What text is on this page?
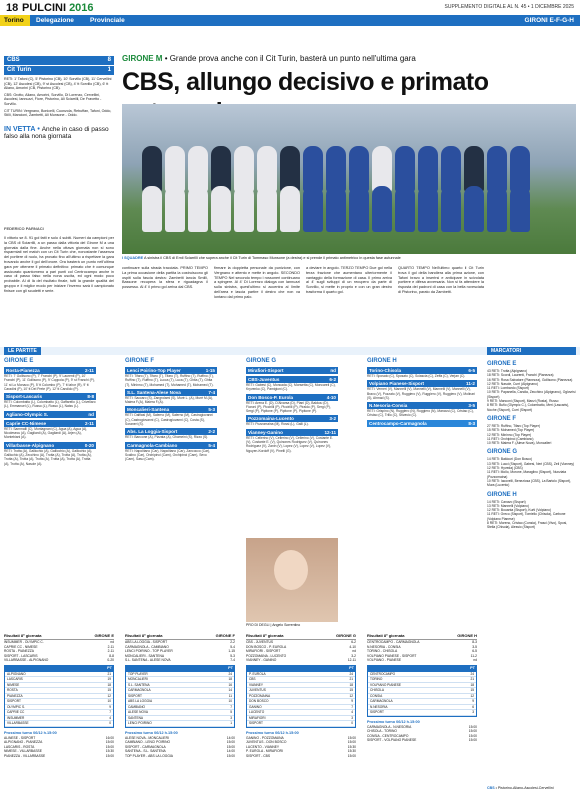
18 PULCINI 2016	SUPPLEMENTO DIGITALE AL N. 45 • 1 DICEMBRE 2025
Torino	Delegazione	Provinciale	GIRONI E-F-G-H
CBS	8
Cit Turin	1

RETI: 1' Tafoni (C), 5' Pistorino (CB), 10' Sorvillo (CB), 11' Cervellini (CB), 12' Ascolesi (CB), 9' st Ascolesi (CB), 4' tt Sorvillo (CB), 6' tt Aliano, Amorini (CB, Pistorino (CB).

CBS: Grotto, Aliano, Amorini, Sorvillo, Di Lorenzo, Cervellini, Ascolesi, Iannuzzi, Fiore, Pistorino, Ali Sciarrilli, De Fravetto - Sorvillo.

CIT TURIN: Vergnano, Bonicelli, Cuonzola, Rebuffan, Tafoni, Oddo, Stilli, Mancioni, Zambetti, Ali Munsone - Oddo.

IN VETTA • Anche in caso di passo falso alla nona giornata

GIRONE M • Grande prova anche con il Cit Turin, basterà un punto nell'ultima gara
CBS, allungo decisivo e primato

I SQUADRE A sinistra il CBS di Emil Sciarrilli che supera anche il Cit Turin di Tommaso Munsone (a destra) e si prende il primato antimetrico in questa fase autunnale

FEDERICO PARNACI

Il vittorio se 8. 91 gol fatti e solo 4 subiti. Numeri da campioni per la CBS di Sciarrilli, a un passo dalla vittoria del Girone M a una giornata dalla fine. Anche nella ottava giornata non si sono risparmiati nel match con un Cit Turin che, nonostante l'assenza del portiere di ruolo, ha provato fino all'ultimo a rispettare la gara trovando anche il gol dell'onore. Ora basterà un punto nell'ultima gara per ottenere il primato definitivo: primato che è comunque assicurato quantomeno a pari punti col Centrocampo anche in caso di passo falso nella nona uscita, ed ogni modo poco probabile. Al di là del risultato finale, tutti la grande qualità del gruppo e il miglior modo per iniziare l'inverno sarà il campionato finisce con gli scudetti e serie.

continuare sulla strada tracciata. PRIMO TEMPO La prima occasione della partita la costruiscono gli ospiti sulla fascia destra: Zambetti lancia Smilli, Bassone recupera la sfera e riguadagna il possesso. Al 4' il primo gol arriva dal CBS.

firmare la doppietta personale da punizione, con Vergnano e attento e mette in angolo. SECONDO TEMPO Nel secondo tempo i rossoneri continuano a spingere. Al 4' Di Lorenzo dialoga con Iannuzzi sulla sinistra, quest'ultimo si accentra al limite dell'area e lascia partire il destro che non va lontano dal primo palo.

a deviare in angolo. TERZO TEMPO Due gol nella terza frazione che aumentano ulteriormente il vantaggio della formazione di casa. Il primo arriva al 4' sugli sviluppi di un recupero da parte di Sorvillo, si mette in proprio e con un gran destro trasforma il quarto gol.

QUARTO TEMPO Nell'ultimo quarto il Cit Turin trova il gol della bandiera alla prima azione, con Tafoni bravo a inserirsi e anticipare in scivolata portiere e difesa avversaria. Non si fa attendere la risposta dei padroni di casa con la bella rovesciata di Pistorino, parato da Zambetti.

LE PARTITE	MARCATORI
GIRONE E
Rosta-Pianezza	2-11

RETI: 7' Gollisono (P), 7' Franchi (P), 9' Laurenti (P), 10' Franchi (P), 11' Gollisono (P), 9' Coppola (P), 9' st Franchi (P), 11' st Lo Monaco (P), 5' tt Colombo (P), 7' tt Iahor (R), 9' tt Caradini (P), 10' tt Del Prete (P), 12' tt Candido (P).

Sisport-Lascaris	8-8

RETI: Colombatto (L), Colombatto (L), Gaffarello (L), Crivellaro (L), Emmanuel (L), Russo (L), Russo (L), Natzu (L).

Agliano-Olympic S.	nd
Caprie CC-Nimese	2-11

RETI: Sammalli (C), Montagnani (C), Agua (A), Agua (A), Nicolesecu (A), Gagliardi (A), Gagliardi (A), Arjen (A), Montebiani (A).

Villarbasse-Alpignano	0-20

RETI: Trotta (A), Gallicchio (A), Gallicchio (A), Gallicchio (A), Gallicchio (A), Zecchino (A), Trotta (A), Trotta (A), Trotta (A), Trotta (A), Trotta (A), Trotta (A), Trotta (A), Trotta (A), Trotta (A), Trotta (A), Nasole (A).

GIRONE F
Lenci Poirino-Top Player	1-15

RETI: Tifaro (T), Tifaro (T), Tifaro (T), Ruffino (T), Ruffino (T), Ruffino (T), Ruffino (T), Lucca (T), Luca (T), Ghita (T), Ghita (T), Mininno (T), Mohamed (T), Mohamed (T), Mohamed (T).

S.L. Santena-Alese Nova	7-4

RETI: Saccaro (S), Zangrolami (S), Murè L. (A), Murè M.(A), Maiera F.(A), Maiera F.(A).

Moncalieri-Santena	5-3

RETI: Dalfiasi (M), Salerno (M), Salerno (M), Castrogiovanni (C), Castrogiovanni (C), Castrogiovanni (C), Costa (S), Soraneri (S).

Abs. La Loggia-Sisport	2-2

RETI: Bancone (A), Pizzata (A), Ghomeini (S), Rizzo (S).

Carmagnola-Cambiano	5-4

RETI: Napolitano (Car), Napolitano (Car), Zancocco (Car), Scalino (Car), Orchipinci (Cam), Orchipinci (Cam), Sevo (Cam), Sasu (Cam).

GIRONE G
Mirafiori-Sisport	nd
CBS-Juventus	6-2

RETI: Gabesi (C), Moncada (C), Monsetta (C), Moncareli (C), Kryvenko (C), Pamigioni (C).

Don Bosco-P. Eurola	4-10

RETI: Arena E. (D), D'Alvarsa (D), Piani (D), Bakkou (D), Fioroni (P), Piccirilli (P), Piccirilli (P), Piraldo (P), Sergi (P), Sergi (P), Pipitone (P), Pipitone (P), Pipitone (P).

Pozzomaina-Lucento	3-2

RETI: Pozzomaina (M), Rossi (L), Galli (L).

Vianney-Ganino	12-11

RETI: Cellerino (V), Cellerino (V), Cellerino (V), Costante E. (V), Costante E. (V), Quinones Rodriguez (V), Quinones Rodriguez (V), Zanin (V), Lopez (V), Lopez (V), Lopez (V), Nguyen-Kordoff (V), Pinelli (G).

GIRONE H
Torino-Chisola	6-5

RETI: Sposato (C), Sposato (C), Sciascia (C), Zeffa (C), Verjan (C).

Volpiano Pianese-Sisport	11-2

RETI: Verneri (V), Mannelli (V), Mannelli (V), Mannelli (V), Mannelli (V), Bravo (V), Pozzato (V), Ruggiero (V), Ruggiero (V), Ruggiero (V), Molinari (S), Ahmad (S).

N.Nesoria-Consia	3-5

RETI: Grispino (N), Ruggiero (N), Ruggiero (N), Mancusi (C), Cristao (C), Cristao (C), Trillo (C), Stivavio (C).

Centrocampo-Carmagnola	8-3

PRO DI DEGLI | Angelo Sorrentino

Risultati 8ª giornata	GIRONE E
INSUMMER - OLYMPIC C.	nd
CAPRIE CC - NIMESE	2-11
ROSTA - PIANEZZA	2-11
SISPORT - LASCARIS	8-8
VILLARBASSE - ALPIGNANO	0-20

PT
ALPIGNANO	21
LASCARIS	19
NIMESE	18
ROSTA	15
PIANEZZA	12
SISPORT	10
OLYMPIC S.	9
CAPRIE CC	7
INSUMMER	4
VILLARBASSE	0
Prossimo turno 06/12 h.15:00
ALINESE - SISPORT	16:00
ALPIGNANO - PIANEZZA	15:00
LASCARIS - ROSTA	15:00
NIMESE - VILLARBASSE	15:30
PIANEZZA - VILLARBASSE	15:00
Risultati 8ª giornata	GIRONE F
ABS LA LOGGIA - SISPORT	2-2
CARMAGNOLA - CAMBIANO	5-4
LENCI POIRINO - TOP PLAYER	1-15
MONCALIERI - SANTENA	5-3
S.L. SANTENA - ALESE NOVA	7-4

PT
TOP PLAYER	24
MONCALIERI	18
S.L. SANTENA	16
CARMAGNOLA	14
SISPORT	11
ABS LA LOGGIA	10
CAMBIANO	7
ALESE NOVA	5
SANTENA	3
LENCI POIRINO	1
Prossimo turno 06/12 h.15:00
ALESE NOVA - MONCALIERI	14:00
CAMBIANO - LENCI POIRINO	15:00
SISPORT - CARMAGNOLA	15:00
SANTENA - S.L. SANTENA	14:00
TOP PLAYER - ABS LA LOGGIA	15:00
Risultati 8ª giornata	GIRONE G
CBS - JUVENTUS	6-2
DON BOSCO - P. EUROLA	4-10
MIRAFIORI - SISPORT	nd
POZZOMAINA - LUCENTO	3-2
VIANNEY - GANINO	12-11

PT
P. EUROLA	24
CBS	21
VIANNEY	18
JUVENTUS	15
POZZOMAINA	12
DON BOSCO	9
GANINO	7
LUCENTO	4
MIRAFIORI	3
SISPORT	0
Prossimo turno 06/12 h.15:00
GANINO - POZZOMAINA	15:00
JUVENTUS - DON BOSCO	15:00
LUCENTO - VIANNEY	15:30
P. EUROLA - MIRAFIORI	15:30
SISPORT - CBS	15:00
Risultati 8ª giornata	GIRONE H
CENTROCAMPO - CARMAGNOLA	8-3
N.NESORIA - CONSIA	3-5
TORINO - CHISOLA	6-5
VOLPIANO PIANESE - SISPORT	11-2
VOLPIANO - PIANESE	nd

PT
CENTROCAMPO	24
TORINO	21
VOLPIANO PIANESE	18
CHISOLA	15
CONSIA	12
CARMAGNOLA	9
N.NESORIA	6
SISPORT	3
Prossimo turno 06/12 h.15:00
CARMAGNOLA - N.NESORIA	15:00
CHISOLA - TORINO	15:00
CONSIA - CENTROCAMPO	15:00
SISPORT - VOLPIANO PIANESE	15:00
GIRONE E

43 RETI: Trotta (Alpignano)

18 RETI: Scordi, Laurenti, Franchi (Pianezza)

16 RETI: Rosa Salvatore (Pianezza), Gollisono (Pianezza)

12 RETI: Nasole, Curri (Alpignano)

11 RETI: Lombardo (Sisport)

10 RETI: Papanella, Candia, Zecchino (Alpignano), Oglovrisi (Sisport)

9 RETI: Manconi (Sisport), Manzi (Rosta), Russo

8 RETI: Bufio (Olympic C.), Colombatto, Meri (Lascaris), Noche (Sisport), Curri (Sisport)

GIRONE F

27 RETI: Ruffino, Tifaro (Top Player)

15 RETI: Mohamed (Top Player)

12 RETI: Mininno (Top Player)

11 RETI: Orchipinci (Cambiano)

10 RETI: Maiera F. (Alese Nova), Moncalieri

GIRONE G

14 RETI: Baklouri (Don Bosco)

13 RETI: Lucci (Sisport), Gabesi, Neri (CBS), Zeli (Vianney)

12 RETI: Hyvedaj (CBS)

11 RETI: Mollo, Morone, Maraglino (Sisport), Nunziata (Pozzomaina)

10 RETI: Iacovelli, Beneziosa (CBS), La Bartolo (Sisport), Mura (Lucento)

GIRONE H

14 RETI: Canavo (Sisport)

13 RETI: Mannelli (Volpiano)

12 RETI: Bouanta (Sisport), Kurti (Volpiano)

11 RETI: Greco (Sisport), Tomiello (Chisola), Carbone (Volpiano Pianese)

8 RETI: Moreno, Cristao (Consia), Frasci (Vivo), Sposi, Stella (Chisola), Alessio (Sisport)

CBS • Pistorino-Aliano-Ascolesi-Cervellini
